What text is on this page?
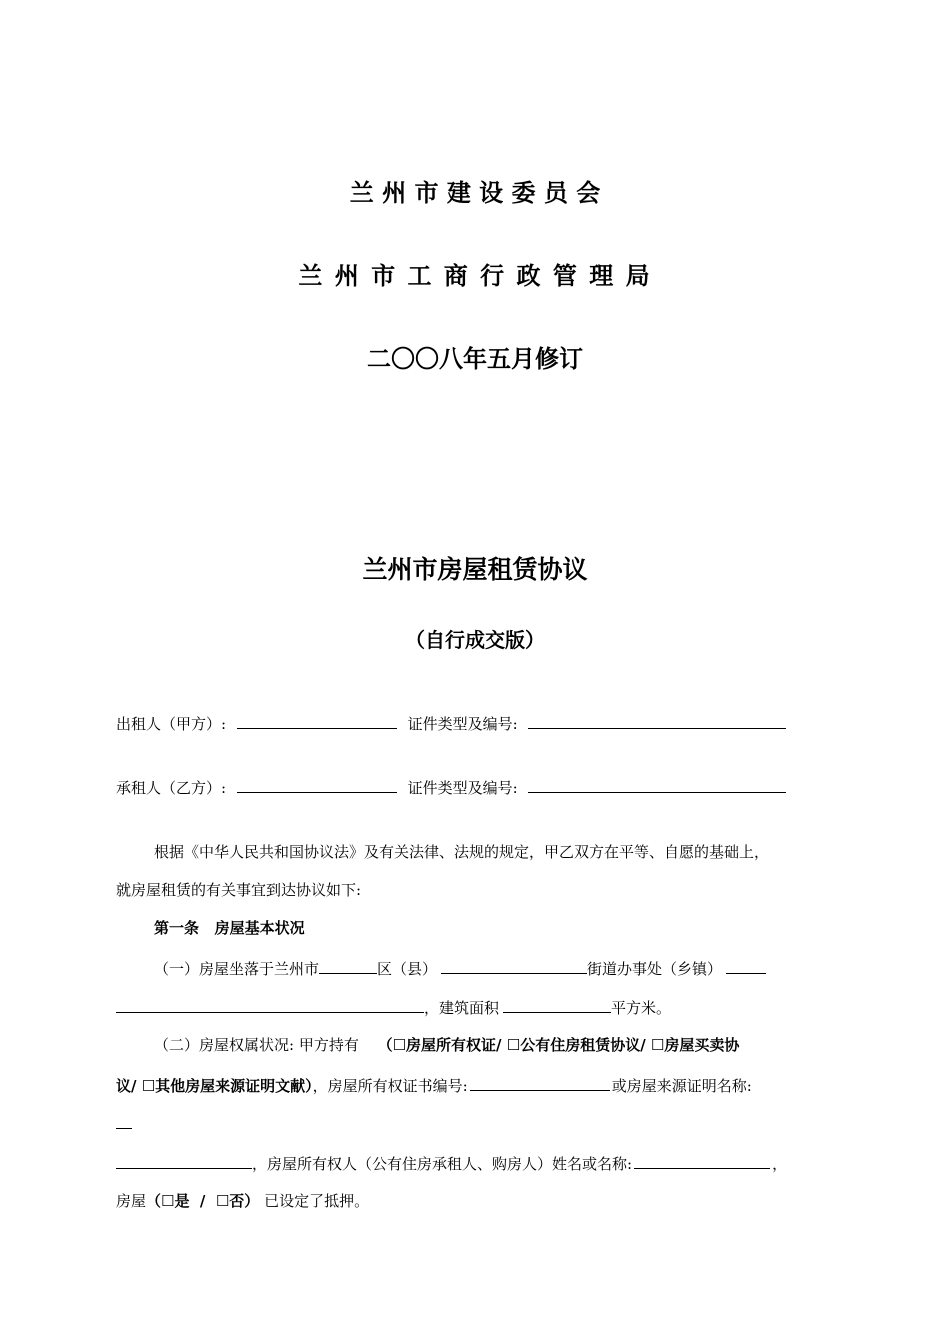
兰 州 市 建 设 委 员 会
兰 州 市 工 商 行 政 管 理 局
二〇〇八年五月修订
兰州市房屋租赁协议
（自行成交版）
出租人（甲方）:	证件类型及编号:
承租人（乙方）:	证件类型及编号:
根据《中华人民共和国协议法》及有关法律、法规的规定，甲乙双方在平等、自愿的基础上，
就房屋租赁的有关事宜到达协议如下:
第一条   房屋基本状况
（一）房屋坐落于兰州市	区（县）	街道办事处（乡镇）
，建筑面积	平方米。
（二）房屋权属状况: 甲方持有 （☐房屋所有权证/ ☐公有住房租赁协议/ ☐房屋买卖协
议/ ☐其他房屋来源证明文献），房屋所有权证书编号:	或房屋来源证明名称:
，房屋所有权人（公有住房承租人、购房人）姓名或名称:	，
房屋（☐是  /  ☐否） 已设定了抵押。
